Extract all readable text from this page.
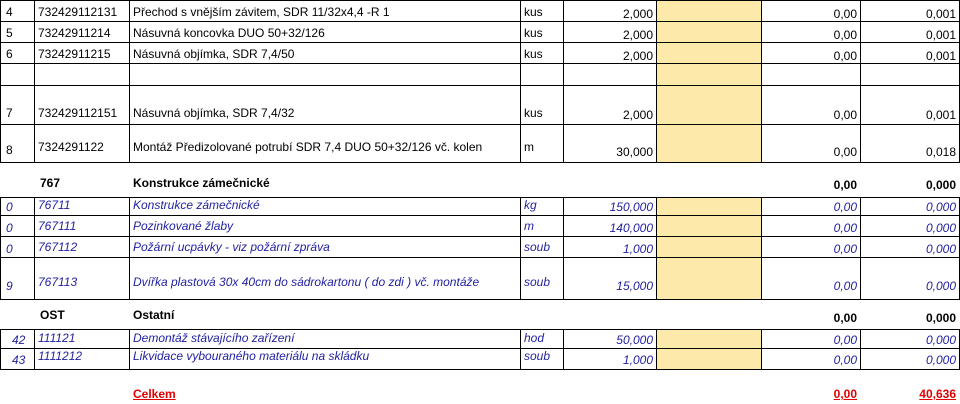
4 732429112131 Přechod s vnějším závitem, SDR 11/32x4,4 -R 1	kus	2,000	0,00	0,001
5 73242911214 Násuvná koncovka DUO 50+32/126	kus	2,000	0,00	0,001
6 73242911215 Násuvná objímka, SDR 7,4/50	kus	2,000	0,00	0,001
7 732429112151 Násuvná objímka, SDR 7,4/32	kus	2,000	0,00	0,001
8 7324291122 Montáž Předizolované potrubí SDR 7,4 DUO 50+32/126 vč. kolen	m	30,000	0,00	0,018
767	Konstrukce zámečnické	0,00	0,000
0 76711	Konstrukce zámečnické	kg	150,000	0,00	0,000
0 767111	Pozinkované žlaby	m	140,000	0,00	0,000
0 767112	Požární ucpávky - viz požární zpráva	soub	1,000	0,00	0,000
9 767113	Dvířka plastová 30x 40cm do sádrokartonu ( do zdi ) vč. montáže	soub	15,000	0,00	0,000
OST	Ostatní	0,00	0,000
42 111121	Demontáž stávajícího zařízení	hod	50,000	0,00	0,000
43 1111212	Likvidace vybouraného materiálu na skládku	soub	1,000	0,00	0,000
Celkem	0,00	40,636
